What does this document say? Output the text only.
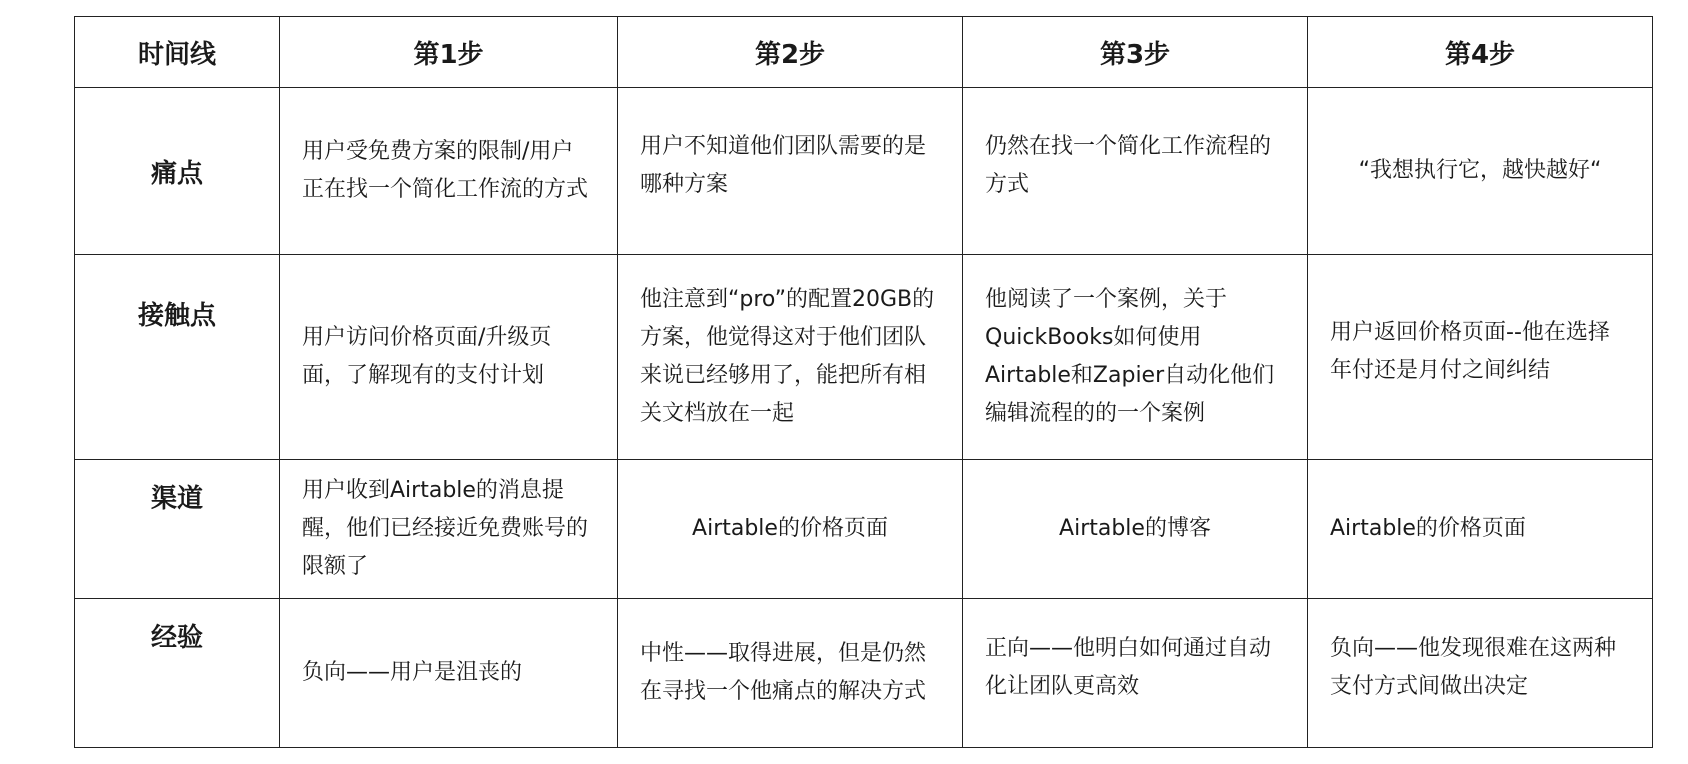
时间线	第1步	第2步	第3步	第4步
痛点	用户受免费方案的限制/用户正在找一个简化工作流的方式	用户不知道他们团队需要的是哪种方案	仍然在找一个简化工作流程的方式	“我想执行它，越快越好“

接触点	用户访问价格页面/升级页面，了解现有的支付计划	他注意到“pro”的配置20GB的方案，他觉得这对于他们团队来说已经够用了，能把所有相关文档放在一起	他阅读了一个案例，关于QuickBooks如何使用Airtable和Zapier自动化他们编辑流程的的一个案例	用户返回价格页面--他在选择年付还是月付之间纠结

渠道	用户收到Airtable的消息提醒，他们已经接近免费账号的限额了	Airtable的价格页面	Airtable的博客	Airtable的价格页面

经验	负向——用户是沮丧的	中性——取得进展，但是仍然在寻找一个他痛点的解决方式	正向——他明白如何通过自动化让团队更高效	负向——他发现很难在这两种支付方式间做出决定
